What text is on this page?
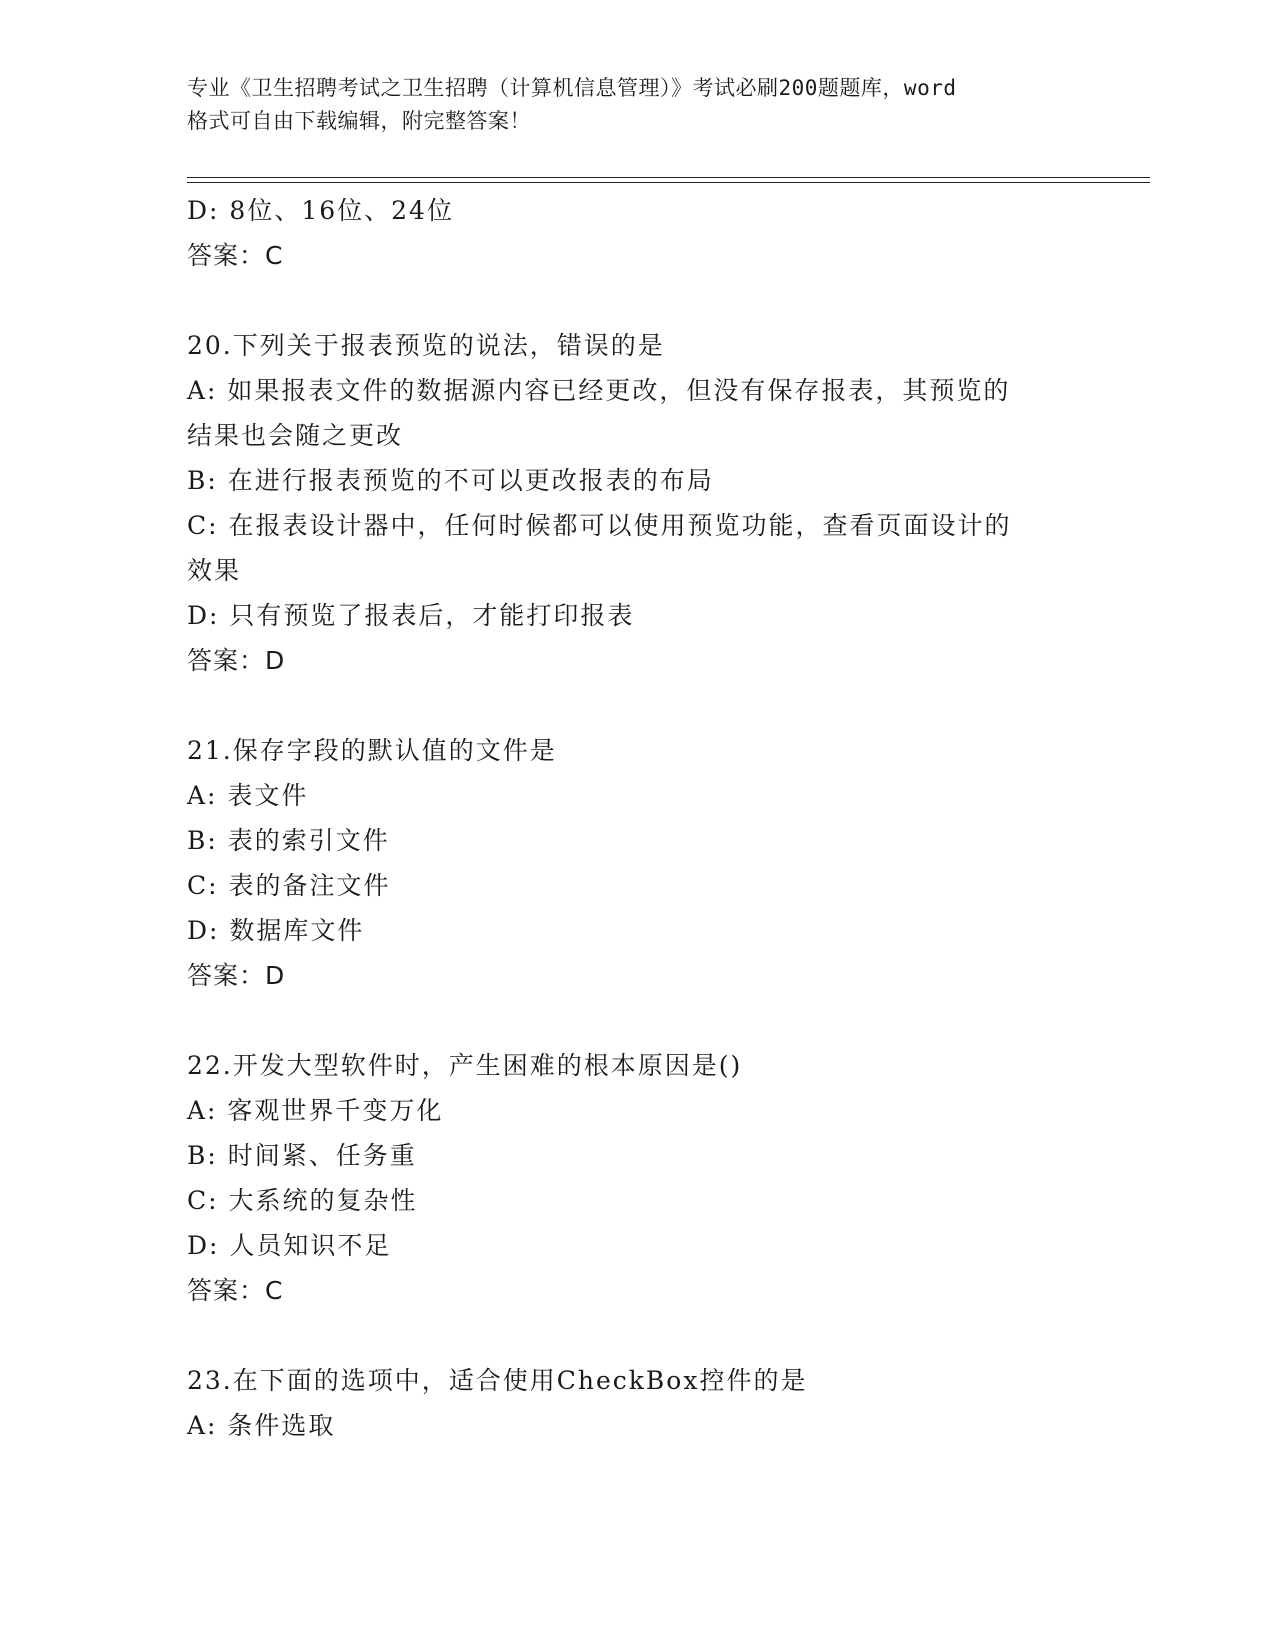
专业《卫生招聘考试之卫生招聘（计算机信息管理）》考试必刷200题题库，word
格式可自由下载编辑，附完整答案！
D: 8位、16位、24位
答案：C
20.下列关于报表预览的说法，错误的是
A: 如果报表文件的数据源内容已经更改，但没有保存报表，其预览的
结果也会随之更改
B: 在进行报表预览的不可以更改报表的布局
C: 在报表设计器中，任何时候都可以使用预览功能，查看页面设计的
效果
D: 只有预览了报表后，才能打印报表
答案：D
21.保存字段的默认值的文件是
A: 表文件
B: 表的索引文件
C: 表的备注文件
D: 数据库文件
答案：D
22.开发大型软件时，产生困难的根本原因是()
A: 客观世界千变万化
B: 时间紧、任务重
C: 大系统的复杂性
D: 人员知识不足
答案：C
23.在下面的选项中，适合使用CheckBox控件的是
A: 条件选取
